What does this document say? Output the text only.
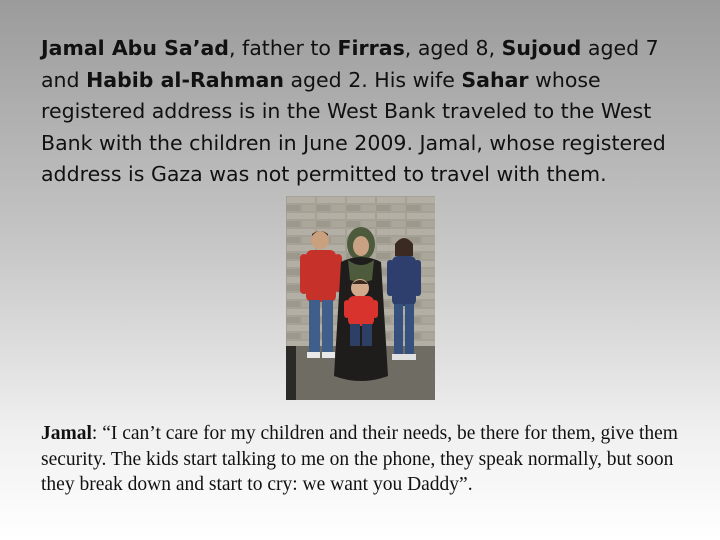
Jamal Abu Sa’ad, father to Firras, aged 8, Sujoud aged 7 and Habib al-Rahman aged 2. His wife Sahar whose registered address is in the West Bank traveled to the West Bank with the children in June 2009. Jamal, whose registered address is Gaza was not permitted to travel with them.
Jamal: “I can’t care for my children and their needs, be there for them, give them security. The kids start talking to me on the phone, they speak normally, but soon they break down and start to cry: we want you Daddy”.
